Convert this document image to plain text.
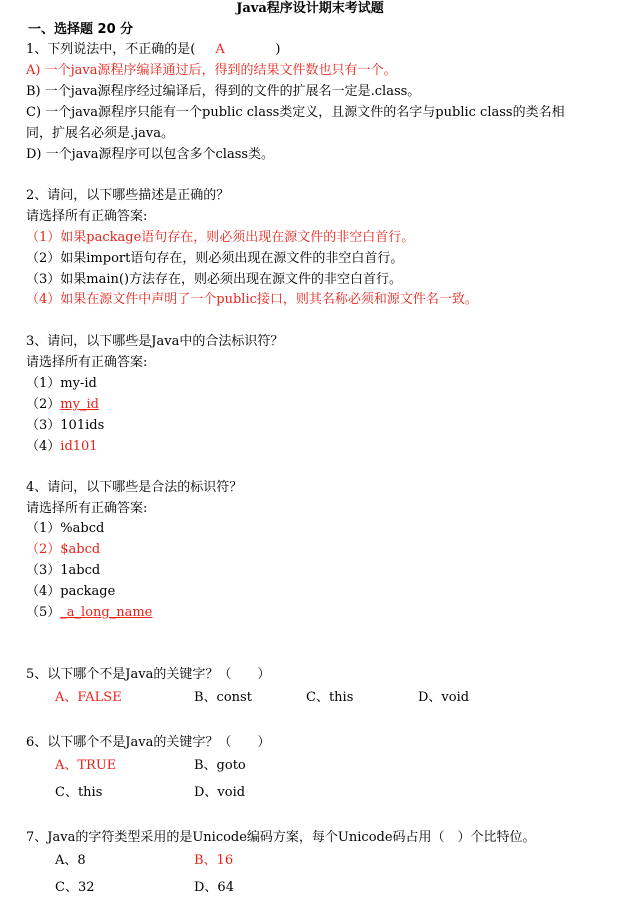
Java程序设计期末考试题
一、选择题 20 分
1、下列说法中，不正确的是( A	)
A) 一个java源程序编译通过后，得到的结果文件数也只有一个。
B) 一个java源程序经过编译后，得到的文件的扩展名一定是.class。
C) 一个java源程序只能有一个public class类定义，且源文件的名字与public class的类名相
同，扩展名必须是.java。
D) 一个java源程序可以包含多个class类。
2、请问，以下哪些描述是正确的？
请选择所有正确答案:
（1）如果package语句存在，则必须出现在源文件的非空白首行。
（2）如果import语句存在，则必须出现在源文件的非空白首行。
（3）如果main()方法存在，则必须出现在源文件的非空白首行。
（4）如果在源文件中声明了一个public接口，则其名称必须和源文件名一致。
3、请问，以下哪些是Java中的合法标识符？
请选择所有正确答案:
（1）my-id
（2）my_id
（3）101ids
（4）id101
4、请问，以下哪些是合法的标识符？
请选择所有正确答案:
（1）%abcd
（2）$abcd
（3）1abcd
（4）package
（5）_a_long_name
5、以下哪个不是Java的关键字？（　　）
A、FALSE	B、const	C、this	D、void
6、以下哪个不是Java的关键字？（　　）
A、TRUE	B、goto
C、this	D、void
7、Java的字符类型采用的是Unicode编码方案，每个Unicode码占用（　）个比特位。
A、8	B、16
C、32	D、64
